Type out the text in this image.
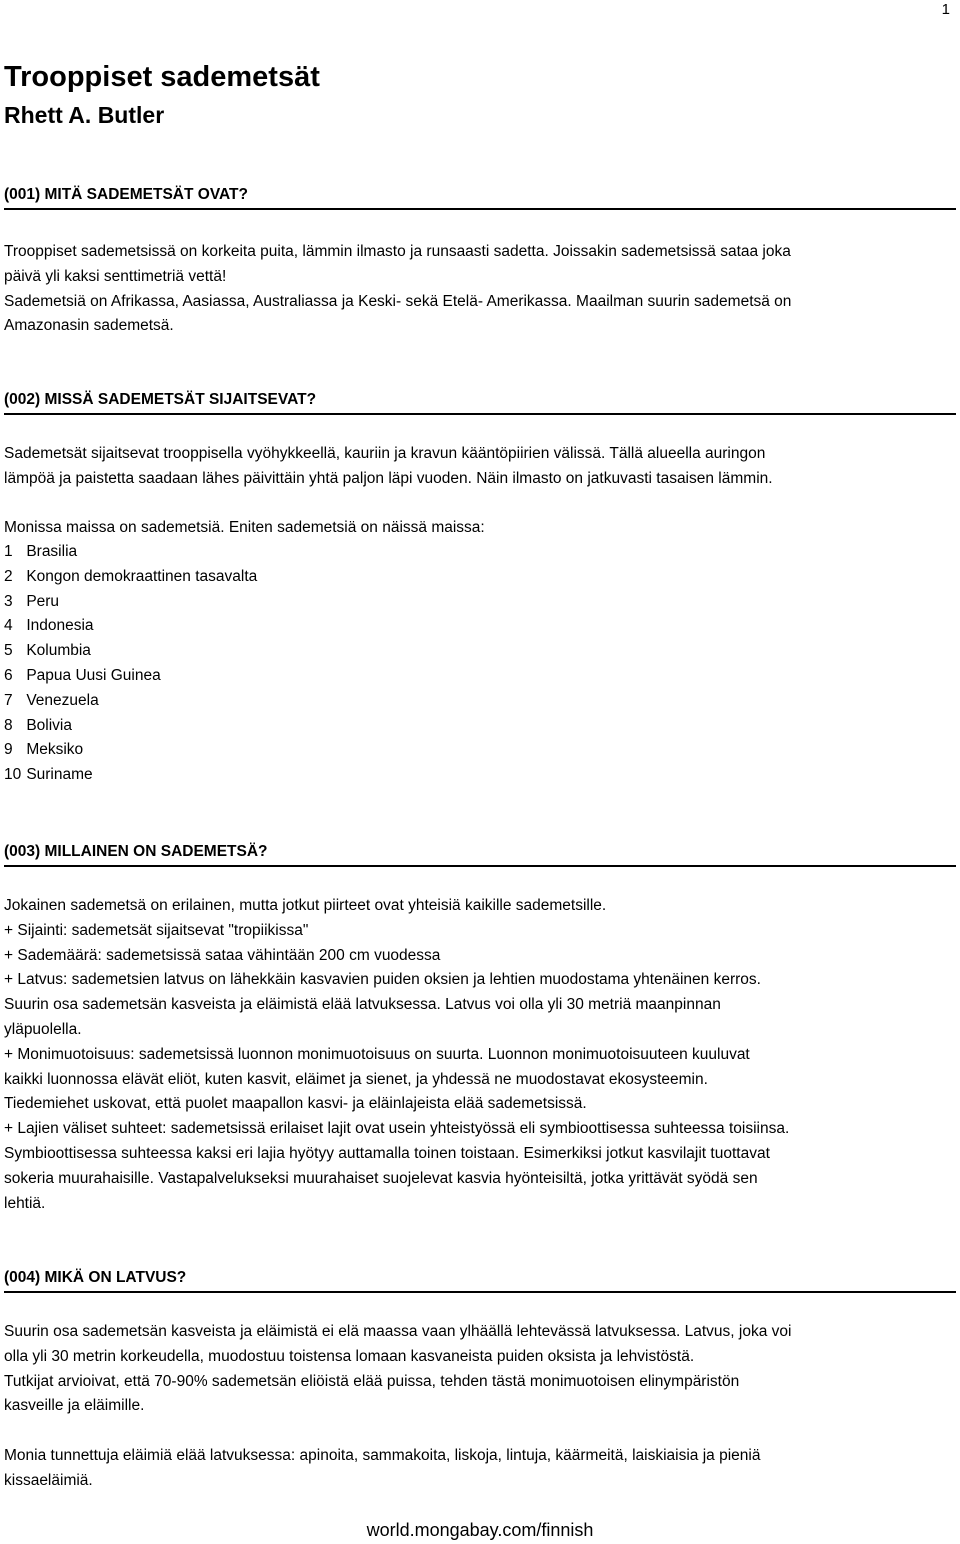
1
Trooppiset sademetsät
Rhett A. Butler
(001) MITÄ SADEMETSÄT OVAT?

Trooppiset sademetsissä on korkeita puita, lämmin ilmasto ja runsaasti sadetta. Joissakin sademetsissä sataa joka
päivä yli kaksi senttimetriä vettä!
Sademetsiä on Afrikassa, Aasiassa, Australiassa ja Keski- sekä Etelä- Amerikassa. Maailman suurin sademetsä on
Amazonasin sademetsä.

(002) MISSÄ SADEMETSÄT SIJAITSEVAT?

Sademetsät sijaitsevat trooppisella vyöhykkeellä, kauriin ja kravun kääntöpiirien välissä. Tällä alueella auringon
lämpöä ja paistetta saadaan lähes päivittäin yhtä paljon läpi vuoden. Näin ilmasto on jatkuvasti tasaisen lämmin.

Monissa maissa on sademetsiä. Eniten sademetsiä on näissä maissa:

1 Brasilia
2 Kongon demokraattinen tasavalta
3 Peru
4 Indonesia
5 Kolumbia
6 Papua Uusi Guinea
7 Venezuela
8 Bolivia
9 Meksiko
10 Suriname
(003) MILLAINEN ON SADEMETSÄ?

Jokainen sademetsä on erilainen, mutta jotkut piirteet ovat yhteisiä kaikille sademetsille.
+ Sijainti: sademetsät sijaitsevat "tropiikissa"
+ Sademäärä: sademetsissä sataa vähintään 200 cm vuodessa
+ Latvus: sademetsien latvus on lähekkäin kasvavien puiden oksien ja lehtien muodostama yhtenäinen kerros.
Suurin osa sademetsän kasveista ja eläimistä elää latvuksessa. Latvus voi olla yli 30 metriä maanpinnan
yläpuolella.
+ Monimuotoisuus: sademetsissä luonnon monimuotoisuus on suurta. Luonnon monimuotoisuuteen kuuluvat
kaikki luonnossa elävät eliöt, kuten kasvit, eläimet ja sienet, ja yhdessä ne muodostavat ekosysteemin.
Tiedemiehet uskovat, että puolet maapallon kasvi- ja eläinlajeista elää sademetsissä.
+ Lajien väliset suhteet: sademetsissä erilaiset lajit ovat usein yhteistyössä eli symbioottisessa suhteessa toisiinsa.
Symbioottisessa suhteessa kaksi eri lajia hyötyy auttamalla toinen toistaan. Esimerkiksi jotkut kasvilajit tuottavat
sokeria muurahaisille. Vastapalvelukseksi muurahaiset suojelevat kasvia hyönteisiltä, jotka yrittävät syödä sen
lehtiä.

(004) MIKÄ ON LATVUS?

Suurin osa sademetsän kasveista ja eläimistä ei elä maassa vaan ylhäällä lehtevässä latvuksessa. Latvus, joka voi
olla yli 30 metrin korkeudella, muodostuu toistensa lomaan kasvaneista puiden oksista ja lehvistöstä.
Tutkijat arvioivat, että 70-90% sademetsän eliöistä elää puissa, tehden tästä monimuotoisen elinympäristön
kasveille ja eläimille.

Monia tunnettuja eläimiä elää latvuksessa: apinoita, sammakoita, liskoja, lintuja, käärmeitä, laiskiaisia ja pieniä
kissaeläimiä.

world.mongabay.com/finnish
